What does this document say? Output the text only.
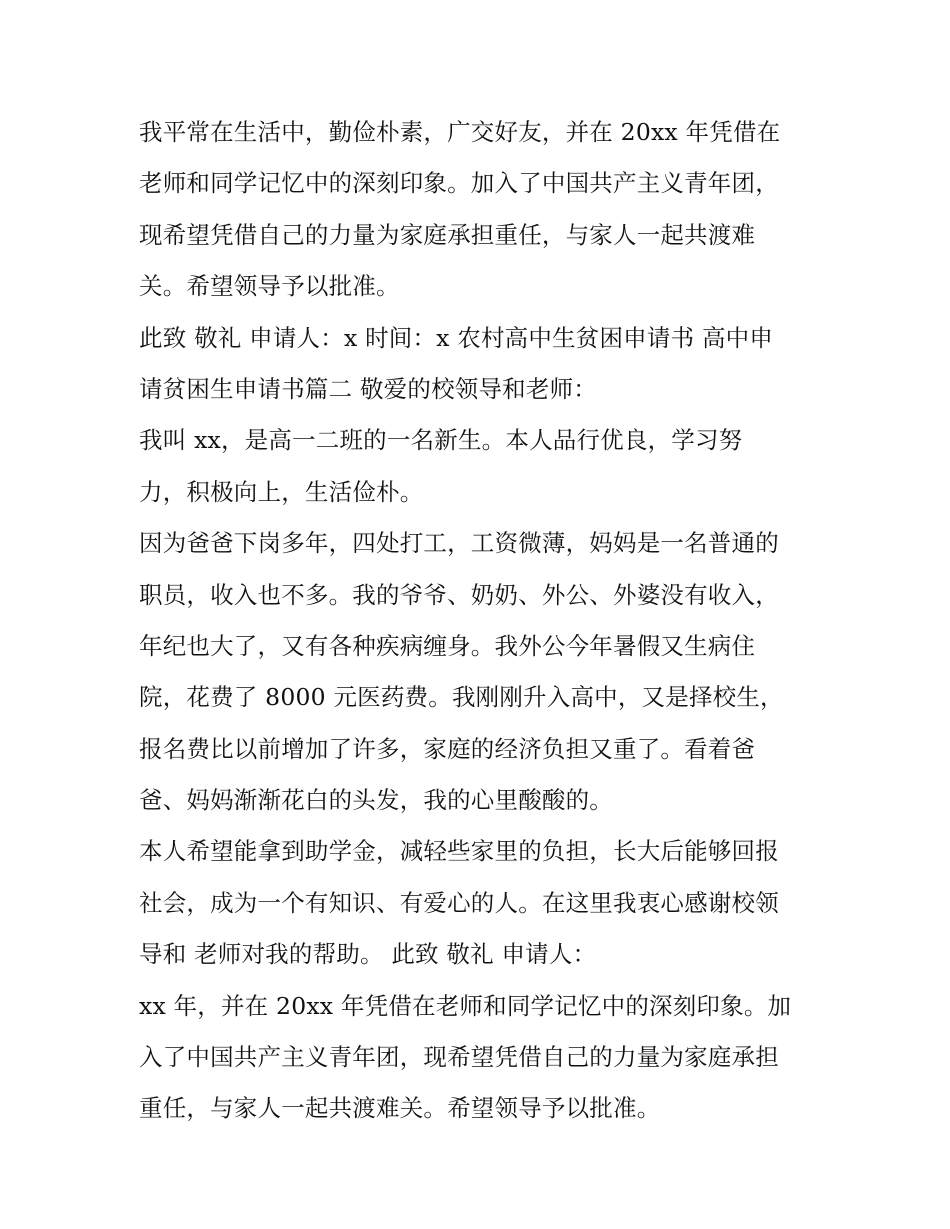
我平常在生活中，勤俭朴素，广交好友，并在 20xx 年凭借在
老师和同学记忆中的深刻印象。加入了中国共产主义青年团，
现希望凭借自己的力量为家庭承担重任，与家人一起共渡难
关。希望领导予以批准。
此致 敬礼 申请人：x 时间：x 农村高中生贫困申请书 高中申
请贫困生申请书篇二 敬爱的校领导和老师：
我叫 xx，是高一二班的一名新生。本人品行优良，学习努
力，积极向上，生活俭朴。
因为爸爸下岗多年，四处打工，工资微薄，妈妈是一名普通的
职员，收入也不多。我的爷爷、奶奶、外公、外婆没有收入，
年纪也大了，又有各种疾病缠身。我外公今年暑假又生病住
院，花费了 8000 元医药费。我刚刚升入高中，又是择校生，
报名费比以前增加了许多，家庭的经济负担又重了。看着爸
爸、妈妈渐渐花白的头发，我的心里酸酸的。
本人希望能拿到助学金，减轻些家里的负担，长大后能够回报
社会，成为一个有知识、有爱心的人。在这里我衷心感谢校领
导和 老师对我的帮助。 此致 敬礼 申请人：
xx 年，并在 20xx 年凭借在老师和同学记忆中的深刻印象。加
入了中国共产主义青年团，现希望凭借自己的力量为家庭承担
重任，与家人一起共渡难关。希望领导予以批准。
